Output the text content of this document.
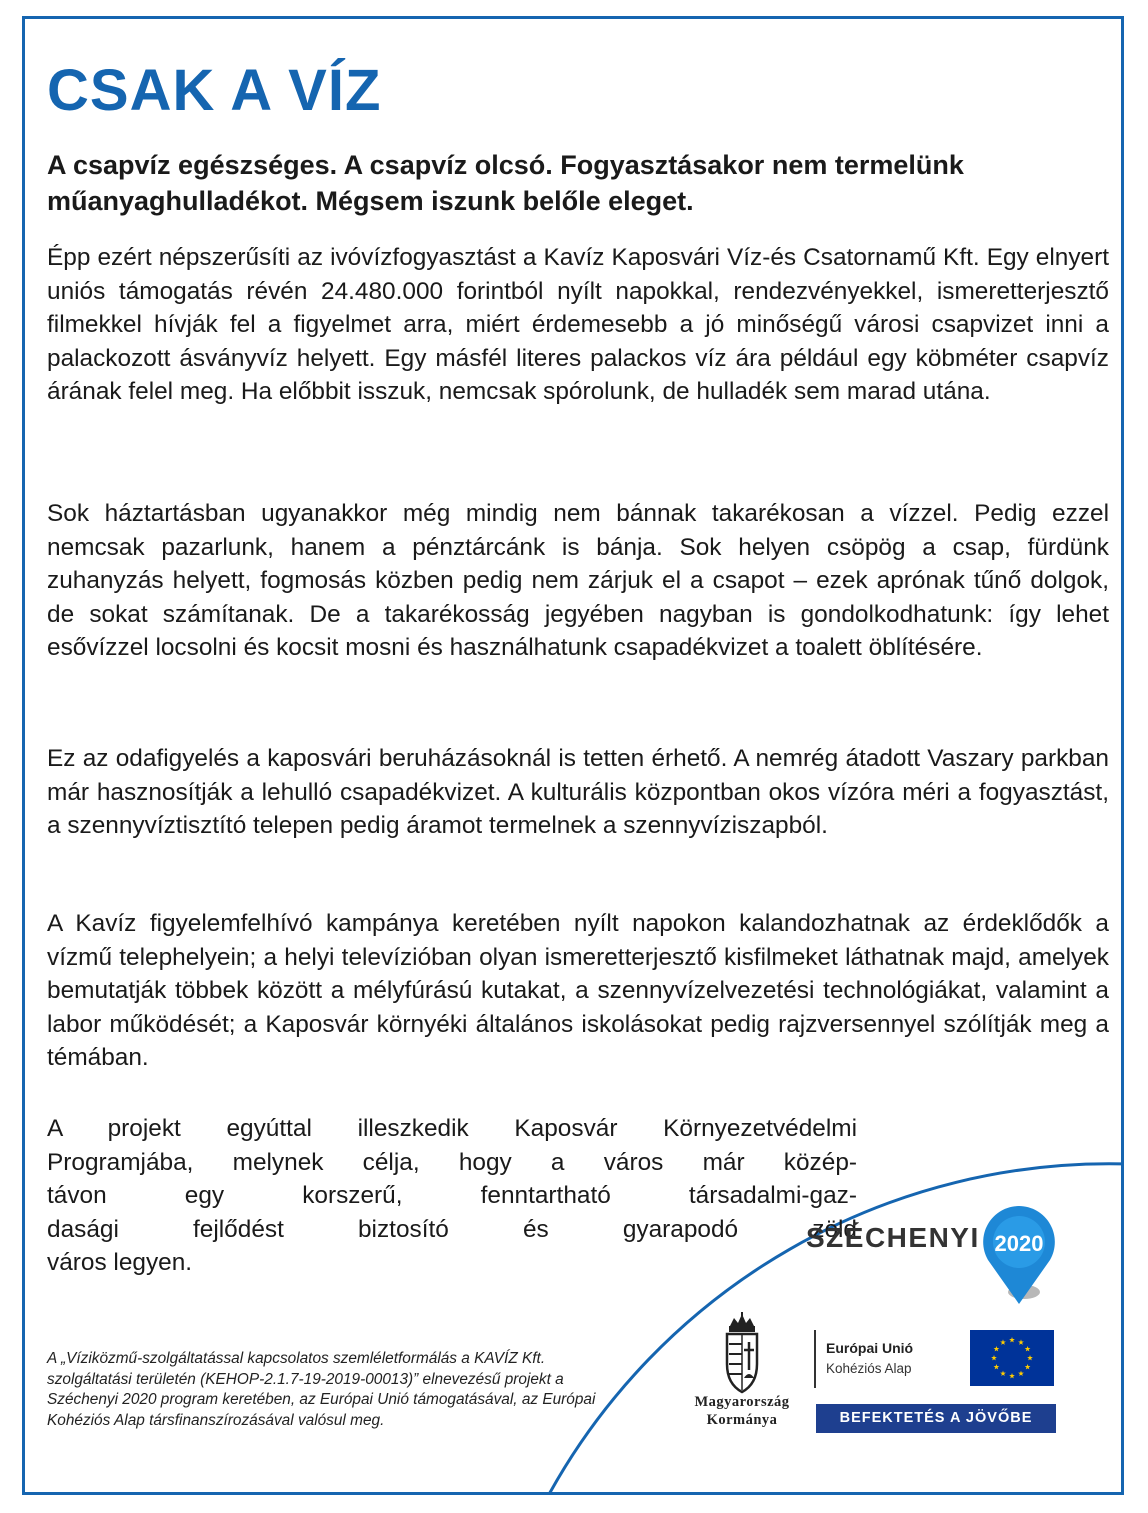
CSAK A VÍZ

A csapvíz egészséges. A csapvíz olcsó. Fogyasztásakor nem termelünk műanyaghulladékot. Mégsem iszunk belőle eleget.

Épp ezért népszerűsíti az ivóvízfogyasztást a Kavíz Kaposvári Víz-és Csatornamű Kft. Egy elnyert uniós támogatás révén 24.480.000 forintból nyílt napokkal, rendezvényekkel, ismeretterjesztő filmekkel hívják fel a figyelmet arra, miért érdemesebb a jó minőségű városi csapvizet inni a palackozott ásványvíz helyett. Egy másfél literes palackos víz ára például egy köbméter csapvíz árának felel meg. Ha előbbit isszuk, nemcsak spórolunk, de hulladék sem marad utána.

Sok háztartásban ugyanakkor még mindig nem bánnak takarékosan a vízzel. Pedig ezzel nemcsak pazarlunk, hanem a pénztárcánk is bánja. Sok helyen csöpög a csap, fürdünk zuhanyzás helyett, fogmosás közben pedig nem zárjuk el a csapot – ezek aprónak tűnő dolgok, de sokat számítanak. De a takarékosság jegyében nagyban is gondolkodhatunk: így lehet esővízzel locsolni és kocsit mosni és használhatunk csapadékvizet a toalett öblítésére.

Ez az odafigyelés a kaposvári beruházásoknál is tetten érhető. A nemrég átadott Vaszary parkban már hasznosítják a lehulló csapadékvizet. A kulturális központban okos vízóra méri a fogyasztást, a szennyvíztisztító telepen pedig áramot termelnek a szennyvíziszapból.

A Kavíz figyelemfelhívó kampánya keretében nyílt napokon kalandozhatnak az érdeklődők a vízmű telephelyein; a helyi televízióban olyan ismeretterjesztő kisfilmeket láthatnak majd, amelyek bemutatják többek között a mélyfúrású kutakat, a szennyvízelvezetési technológiákat, valamint a labor működését; a Kaposvár környéki általános iskolásokat pedig rajzversennyel szólítják meg a témában.

A projekt egyúttal illeszkedik Kaposvár Környezetvédelmi
Programjába, melynek célja, hogy a város már közép-
távon egy korszerű, fenntartható társadalmi-gaz-
dasági fejlődést biztosító és gyarapodó zöld
város legyen.

A „Víziközmű-szolgáltatással kapcsolatos szemléletformálás a KAVÍZ Kft. szolgáltatási területén (KEHOP-2.1.7-19-2019-00013)” elnevezésű projekt a Széchenyi 2020 program keretében, az Európai Unió támogatásával, az Európai Kohéziós Alap társfinanszírozásával valósul meg.

SZÉCHENYI 2020
Magyarország
Kormánya
Európai Unió
Kohéziós Alap
BEFEKTETÉS A JÖVŐBE
